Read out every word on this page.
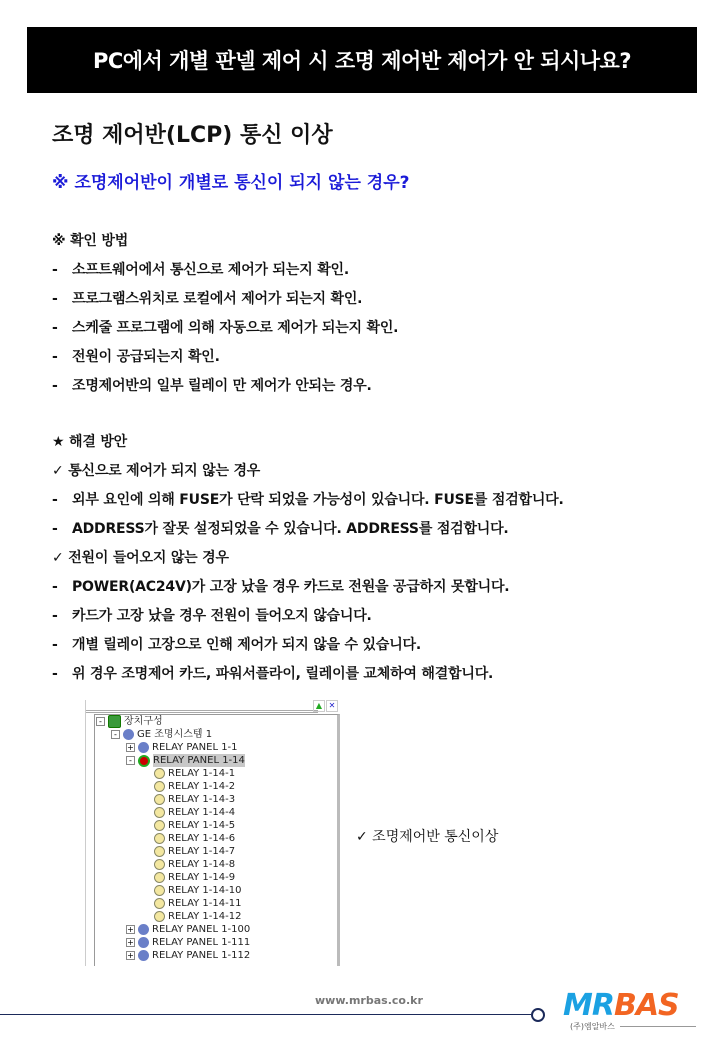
PC에서 개별 판넬 제어 시 조명 제어반 제어가 안 되시나요?
조명 제어반(LCP) 통신 이상
※ 조명제어반이 개별로 통신이 되지 않는 경우?
※ 확인 방법
- 소프트웨어에서 통신으로 제어가 되는지 확인.
- 프로그램스위치로 로컬에서 제어가 되는지 확인.
- 스케줄 프로그램에 의해 자동으로 제어가 되는지 확인.
- 전원이 공급되는지 확인.
- 조명제어반의 일부 릴레이 만 제어가 안되는 경우.
★ 해결 방안
✓ 통신으로 제어가 되지 않는 경우
- 외부 요인에 의해 FUSE가 단락 되었을 가능성이 있습니다. FUSE를 점검합니다.
- ADDRESS가 잘못 설정되었을 수 있습니다. ADDRESS를 점검합니다.
✓ 전원이 들어오지 않는 경우
- POWER(AC24V)가 고장 났을 경우 카드로 전원을 공급하지 못합니다.
- 카드가 고장 났을 경우 전원이 들어오지 않습니다.
- 개별 릴레이 고장으로 인해 제어가 되지 않을 수 있습니다.
- 위 경우 조명제어 카드, 파워서플라이, 릴레이를 교체하여 해결합니다.
▲ ✕
-	장치구성
-	GE 조명시스템 1
+ RELAY PANEL 1-1
-	RELAY PANEL 1-14
RELAY 1-14-1
RELAY 1-14-2
RELAY 1-14-3
RELAY 1-14-4
RELAY 1-14-5
RELAY 1-14-6
RELAY 1-14-7
RELAY 1-14-8
RELAY 1-14-9
RELAY 1-14-10
RELAY 1-14-11
RELAY 1-14-12
+ RELAY PANEL 1-100
+ RELAY PANEL 1-111
+ RELAY PANEL 1-112
✓ 조명제어반 통신이상
www.mrbas.co.kr	MRBAS
(주)엠알바스
